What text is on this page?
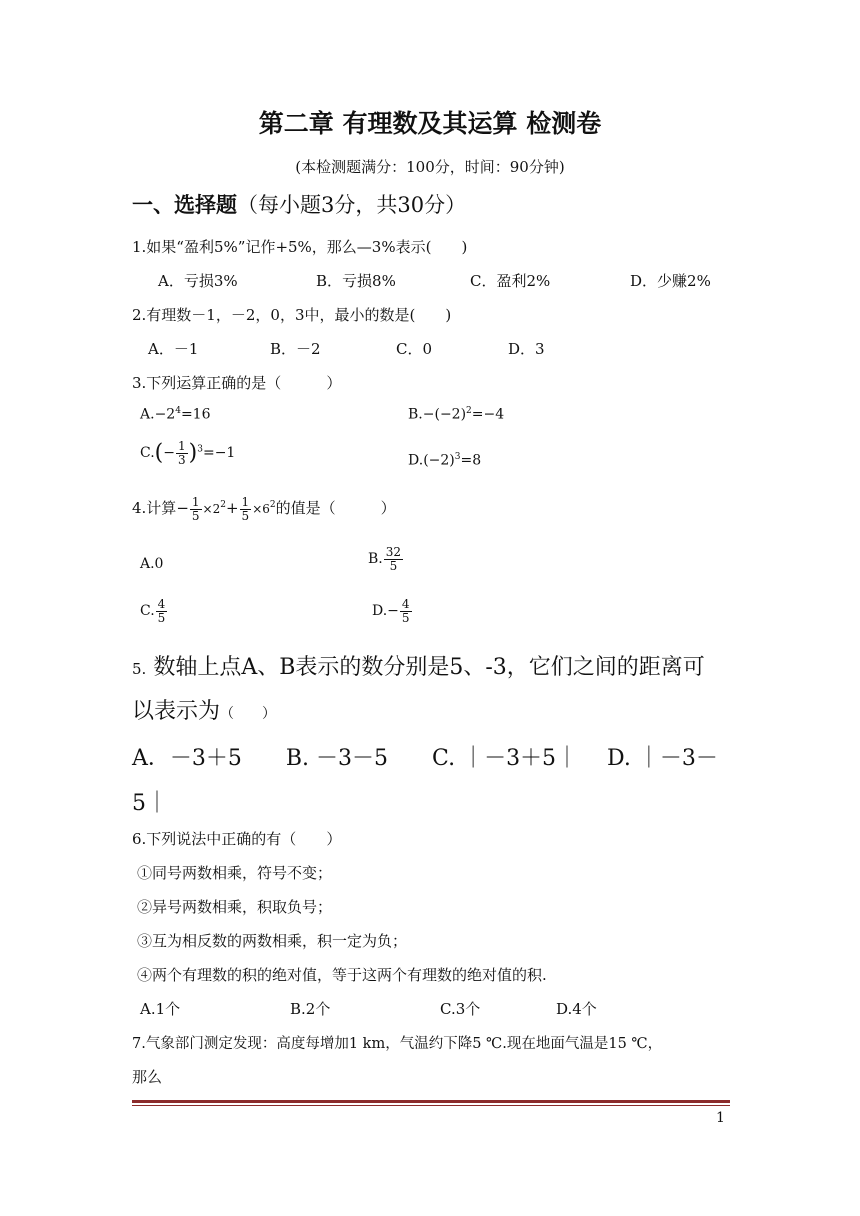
第二章 有理数及其运算 检测卷
(本检测题满分：100分，时间：90分钟)
一、选择题（每小题3分，共30分）
1.如果“盈利5%”记作+5%，那么—3%表示(　　)
A．亏损3%	B．亏损8%	C．盈利2%	D．少赚2%
2.有理数－1，－2，0，3中，最小的数是(　　)
A．－1	B．－2	C．0	D．3
3.下列运算正确的是（　　　）
$A.-2^4=16$	$B.-(-2)^2=-4$
$C.(- \frac{1}{3} )^3=-1$	$D.(-2)^3=8$
4.计算− $\frac{1}{5} \times 2^2+ \frac{1}{5} \times 6^2$的值是（　　　）
A.0	B. $\frac{32}{5}$
C. $\frac{4}{5}$	$D.- \frac{4}{5}$
5. 数轴上点A、B表示的数分别是5、-3，它们之间的距离可
以表示为（　　）
A．－3＋5　　B. －3－5　　C. ｜－3＋5｜　 D. ｜－3－
5｜
6.下列说法中正确的有（　　）
①同号两数相乘，符号不变；
②异号两数相乘，积取负号；
③互为相反数的两数相乘，积一定为负；
④两个有理数的积的绝对值，等于这两个有理数的绝对值的积.
A.1个	B.2个	C.3个	D.4个
7.气象部门测定发现：高度每增加1 km，气温约下降5 ℃.现在地面气温是15 ℃，
那么
1
